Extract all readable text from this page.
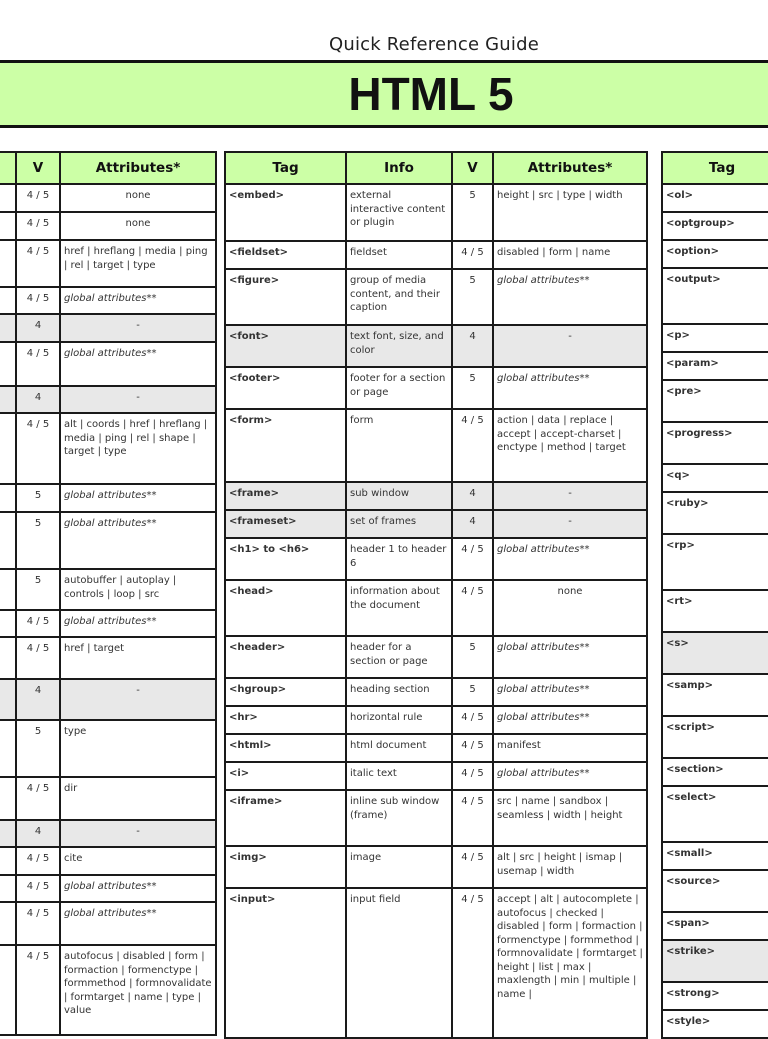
Quick Reference Guide
HTML 5
	V	Attributes*
	4 / 5	none
	4 / 5	none
	4 / 5	href | hreflang | media | ping | rel | target | type
	4 / 5	global attributes**
	4	-
	4 / 5	global attributes**
	4	-
	4 / 5	alt | coords | href | hreflang | media | ping | rel | shape | target | type
	5	global attributes**
	5	global attributes**
	5	autobuffer | autoplay | controls | loop | src
	4 / 5	global attributes**
	4 / 5	href | target
	4	-
	5	type
	4 / 5	dir
	4	-
	4 / 5	cite
	4 / 5	global attributes**
	4 / 5	global attributes**
	4 / 5	autofocus | disabled | form | formaction | formenctype | formmethod | formnovalidate | formtarget | name | type | value
Tag	Info	V	Attributes*
<embed>	external interactive content or plugin	5	height | src | type | width
<fieldset>	fieldset	4 / 5	disabled | form | name
<figure>	group of media content, and their caption	5	global attributes**
<font>	text font, size, and color	4	-
<footer>	footer for a section or page	5	global attributes**
<form>	form	4 / 5	action | data | replace | accept | accept-charset | enctype | method | target
<frame>	sub window	4	-
<frameset>	set of frames	4	-
<h1> to <h6>	header 1 to header 6	4 / 5	global attributes**
<head>	information about the document	4 / 5	none
<header>	header for a section or page	5	global attributes**
<hgroup>	heading section	5	global attributes**
<hr>	horizontal rule	4 / 5	global attributes**
<html>	html document	4 / 5	manifest
<i>	italic text	4 / 5	global attributes**
<iframe>	inline sub window (frame)	4 / 5	src | name | sandbox | seamless | width | height
<img>	image	4 / 5	alt | src | height | ismap | usemap | width
<input>	input field	4 / 5	accept | alt | autocomplete | autofocus | checked | disabled | form | formaction | formenctype | formmethod | formnovalidate | formtarget | height | list | max | maxlength | min | multiple | name |
Tag
<ol>
<optgroup>
<option>
<output>
<p>
<param>
<pre>
<progress>
<q>
<ruby>
<rp>
<rt>
<s>
<samp>
<script>
<section>
<select>
<small>
<source>
<span>
<strike>
<strong>
<style>
